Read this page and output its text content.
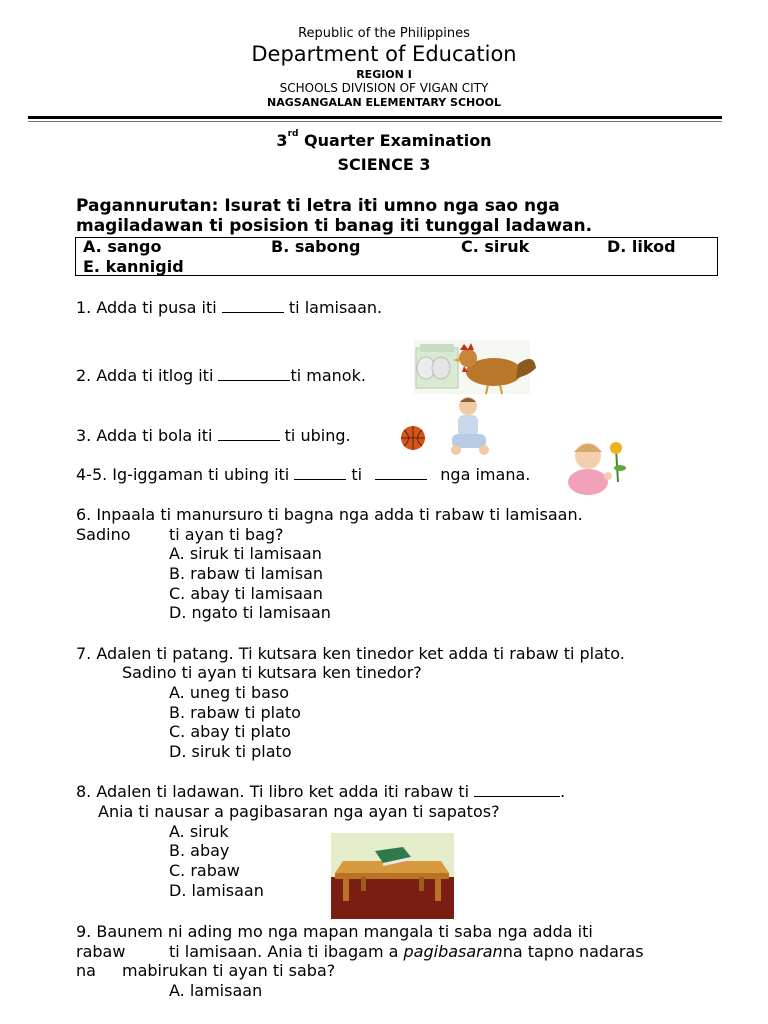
Republic of the Philippines
Department of Education
REGION I
SCHOOLS DIVISION OF VIGAN CITY
NAGSANGALAN ELEMENTARY SCHOOL
3rd Quarter Examination
SCIENCE 3
Pagannurutan: Isurat ti letra iti umno nga sao nga
magiladawan ti posision ti banag iti tunggal ladawan.
A. sango	B. sabong	C. siruk	D. likod
E. kannigid
1. Adda ti pusa iti	ti lamisaan.
2. Adda ti itlog iti	ti manok.
3. Adda ti bola iti	ti ubing.
4-5. Ig-iggaman ti ubing iti	ti	nga imana.
6. Inpaala ti manursuro ti bagna nga adda ti rabaw ti lamisaan.
Sadino ti ayan ti bag?
A. siruk ti lamisaan
B. rabaw ti lamisan
C. abay ti lamisaan
D. ngato ti lamisaan
7. Adalen ti patang. Ti kutsara ken tinedor ket adda ti rabaw ti plato.
Sadino ti ayan ti kutsara ken tinedor?
A. uneg ti baso
B. rabaw ti plato
C. abay ti plato
D. siruk ti plato
8. Adalen ti ladawan. Ti libro ket adda iti rabaw ti	.
Ania ti nausar a pagibasaran nga ayan ti sapatos?
A. siruk
B. abay
C. rabaw
D. lamisaan
9. Baunem ni ading mo nga mapan mangala ti saba nga adda iti
rabaw	ti lamisaan. Ania ti ibagam a pagibasaranna tapno nadaras
na mabirukan ti ayan ti saba?
A. lamisaan
